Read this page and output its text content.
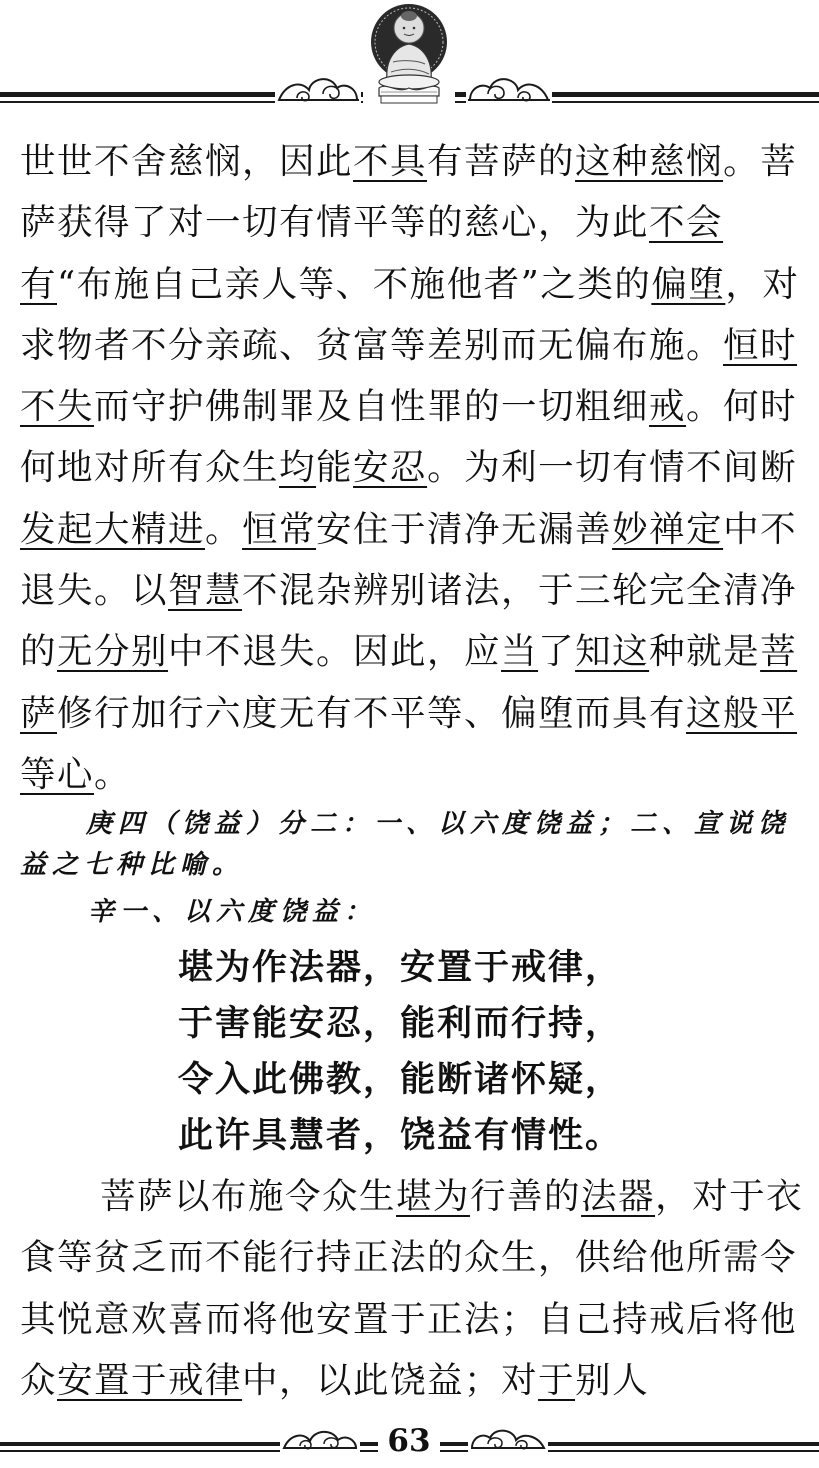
世世不舍慈悯，因此不具有菩萨的这种慈悯。菩萨获得了对一切有情平等的慈心，为此不会有“布施自己亲人等、不施他者”之类的偏堕，对求物者不分亲疏、贫富等差别而无偏布施。恒时不失而守护佛制罪及自性罪的一切粗细戒。何时何地对所有众生均能安忍。为利一切有情不间断发起大精进。恒常安住于清净无漏善妙禅定中不退失。以智慧不混杂辨别诸法，于三轮完全清净的无分别中不退失。因此，应当了知这种就是菩萨修行加行六度无有不平等、偏堕而具有这般平等心。

庚四（饶益）分二：一、以六度饶益；二、宣说饶益之七种比喻。

辛一、以六度饶益：

堪为作法器，安置于戒律，
于害能安忍，能利而行持，
令入此佛教，能断诸怀疑，
此许具慧者，饶益有情性。

菩萨以布施令众生堪为行善的法器，对于衣食等贫乏而不能行持正法的众生，供给他所需令其悦意欢喜而将他安置于正法；自己持戒后将他众安置于戒律中，以此饶益；对于别人

63
